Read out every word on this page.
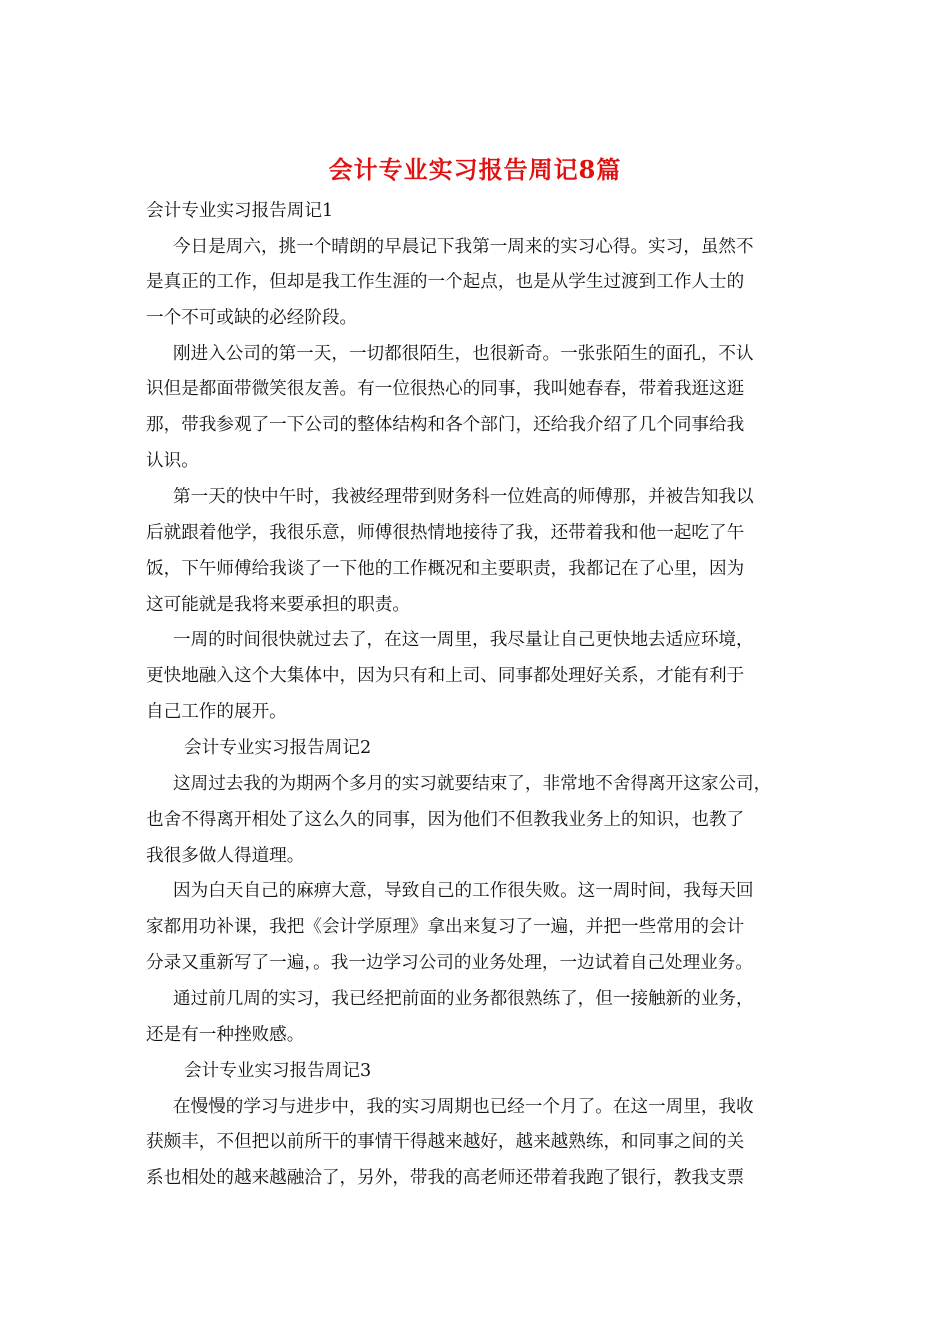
会计专业实习报告周记8篇
会计专业实习报告周记1
今日是周六，挑一个晴朗的早晨记下我第一周来的实习心得。实习，虽然不
是真正的工作，但却是我工作生涯的一个起点，也是从学生过渡到工作人士的
一个不可或缺的必经阶段。
刚进入公司的第一天，一切都很陌生，也很新奇。一张张陌生的面孔，不认
识但是都面带微笑很友善。有一位很热心的同事，我叫她春春，带着我逛这逛
那，带我参观了一下公司的整体结构和各个部门，还给我介绍了几个同事给我
认识。
第一天的快中午时，我被经理带到财务科一位姓高的师傅那，并被告知我以
后就跟着他学，我很乐意，师傅很热情地接待了我，还带着我和他一起吃了午
饭，下午师傅给我谈了一下他的工作概况和主要职责，我都记在了心里，因为
这可能就是我将来要承担的职责。
一周的时间很快就过去了，在这一周里，我尽量让自己更快地去适应环境，
更快地融入这个大集体中，因为只有和上司、同事都处理好关系，才能有利于
自己工作的展开。
会计专业实习报告周记2
这周过去我的为期两个多月的实习就要结束了，非常地不舍得离开这家公司，
也舍不得离开相处了这么久的同事，因为他们不但教我业务上的知识，也教了
我很多做人得道理。
因为白天自己的麻痹大意，导致自己的工作很失败。这一周时间，我每天回
家都用功补课，我把《会计学原理》拿出来复习了一遍，并把一些常用的会计
分录又重新写了一遍，。我一边学习公司的业务处理，一边试着自己处理业务。
通过前几周的实习，我已经把前面的业务都很熟练了，但一接触新的业务，
还是有一种挫败感。
会计专业实习报告周记3
在慢慢的学习与进步中，我的实习周期也已经一个月了。在这一周里，我收
获颇丰，不但把以前所干的事情干得越来越好，越来越熟练，和同事之间的关
系也相处的越来越融洽了，另外，带我的高老师还带着我跑了银行，教我支票
